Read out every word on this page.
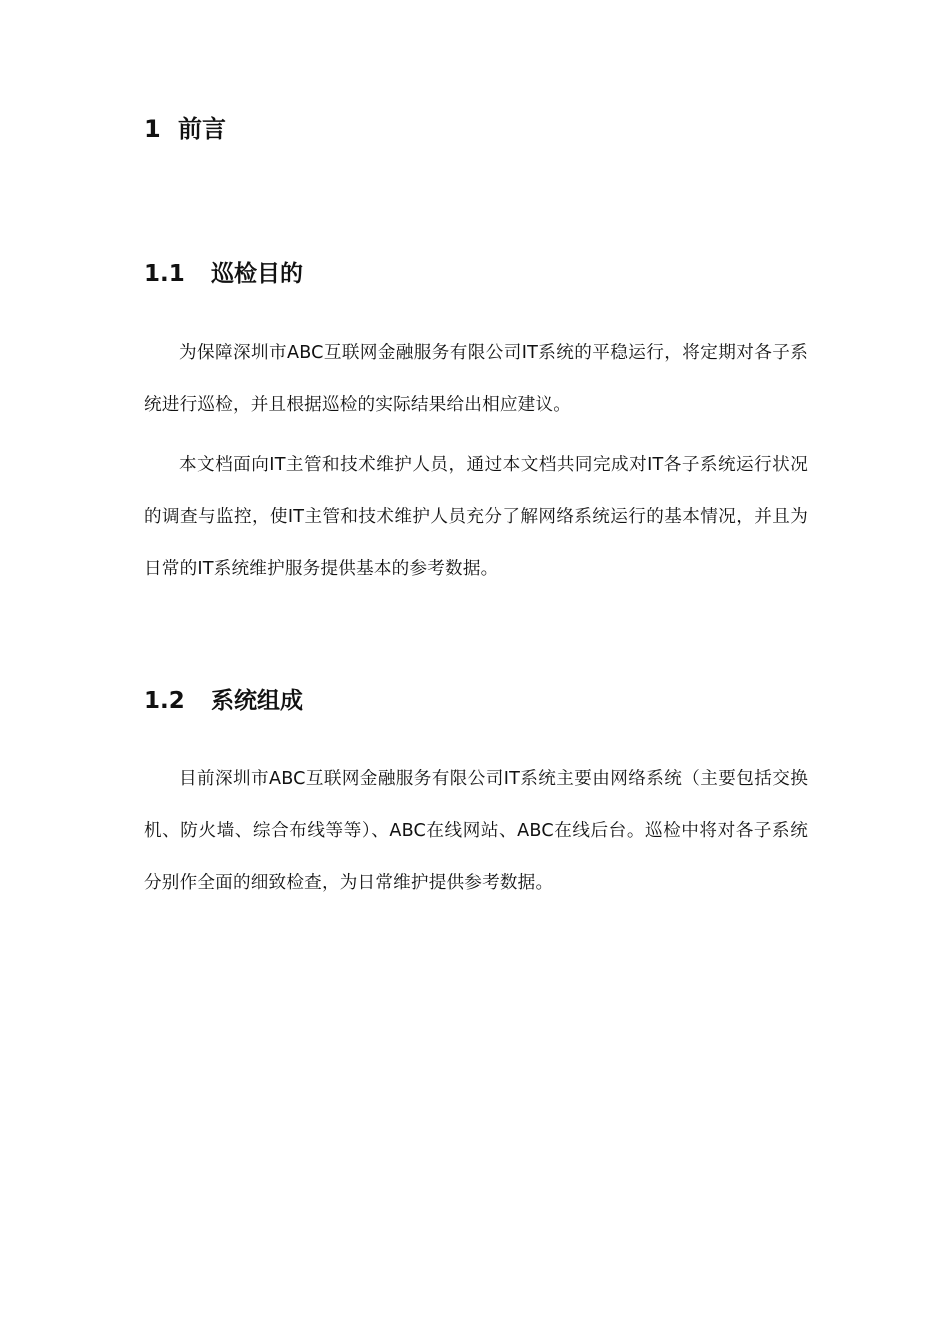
1 前言
1.1 巡检目的

为保障深圳市ABC互联网金融服务有限公司IT系统的平稳运行，将定期对各子系统进行巡检，并且根据巡检的实际结果给出相应建议。

本文档面向IT主管和技术维护人员，通过本文档共同完成对IT各子系统运行状况的调查与监控，使IT主管和技术维护人员充分了解网络系统运行的基本情况，并且为日常的IT系统维护服务提供基本的参考数据。

1.2 系统组成

目前深圳市ABC互联网金融服务有限公司IT系统主要由网络系统（主要包括交换机、防火墙、综合布线等等）、ABC在线网站、ABC在线后台。巡检中将对各子系统分别作全面的细致检查，为日常维护提供参考数据。
